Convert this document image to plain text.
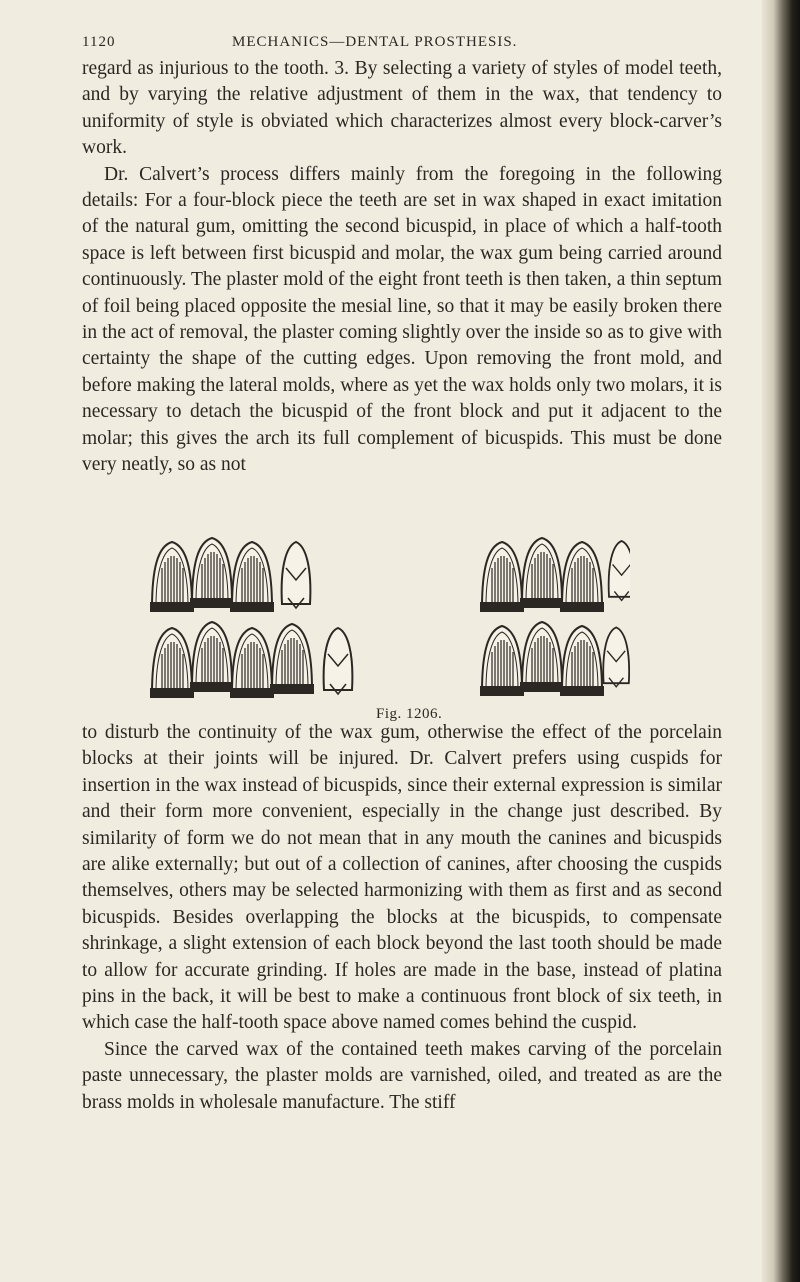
1120	MECHANICS—DENTAL PROSTHESIS.

regard as injurious to the tooth. 3. By selecting a variety of styles of model teeth, and by varying the relative adjustment of them in the wax, that tendency to uniformity of style is obviated which characterizes almost every block-carver’s work.

Dr. Calvert’s process differs mainly from the foregoing in the following details: For a four-block piece the teeth are set in wax shaped in exact imitation of the natural gum, omitting the second bicuspid, in place of which a half-tooth space is left between first bicuspid and molar, the wax gum being carried around continuously. The plaster mold of the eight front teeth is then taken, a thin septum of foil being placed opposite the mesial line, so that it may be easily broken there in the act of removal, the plaster coming slightly over the inside so as to give with certainty the shape of the cutting edges. Upon removing the front mold, and before making the lateral molds, where as yet the wax holds only two molars, it is necessary to detach the bicuspid of the front block and put it adjacent to the molar; this gives the arch its full complement of bicuspids. This must be done very neatly, so as not

Fig. 1206.

to disturb the continuity of the wax gum, otherwise the effect of the porcelain blocks at their joints will be injured. Dr. Calvert prefers using cuspids for insertion in the wax instead of bicuspids, since their external expression is similar and their form more convenient, especially in the change just described. By similarity of form we do not mean that in any mouth the canines and bicuspids are alike externally; but out of a collection of canines, after choosing the cuspids themselves, others may be selected harmonizing with them as first and as second bicuspids. Besides overlapping the blocks at the bicuspids, to compensate shrinkage, a slight extension of each block beyond the last tooth should be made to allow for accurate grinding. If holes are made in the base, instead of platina pins in the back, it will be best to make a continuous front block of six teeth, in which case the half-tooth space above named comes behind the cuspid.

Since the carved wax of the contained teeth makes carving of the porcelain paste unnecessary, the plaster molds are varnished, oiled, and treated as are the brass molds in wholesale manufacture. The stiff
